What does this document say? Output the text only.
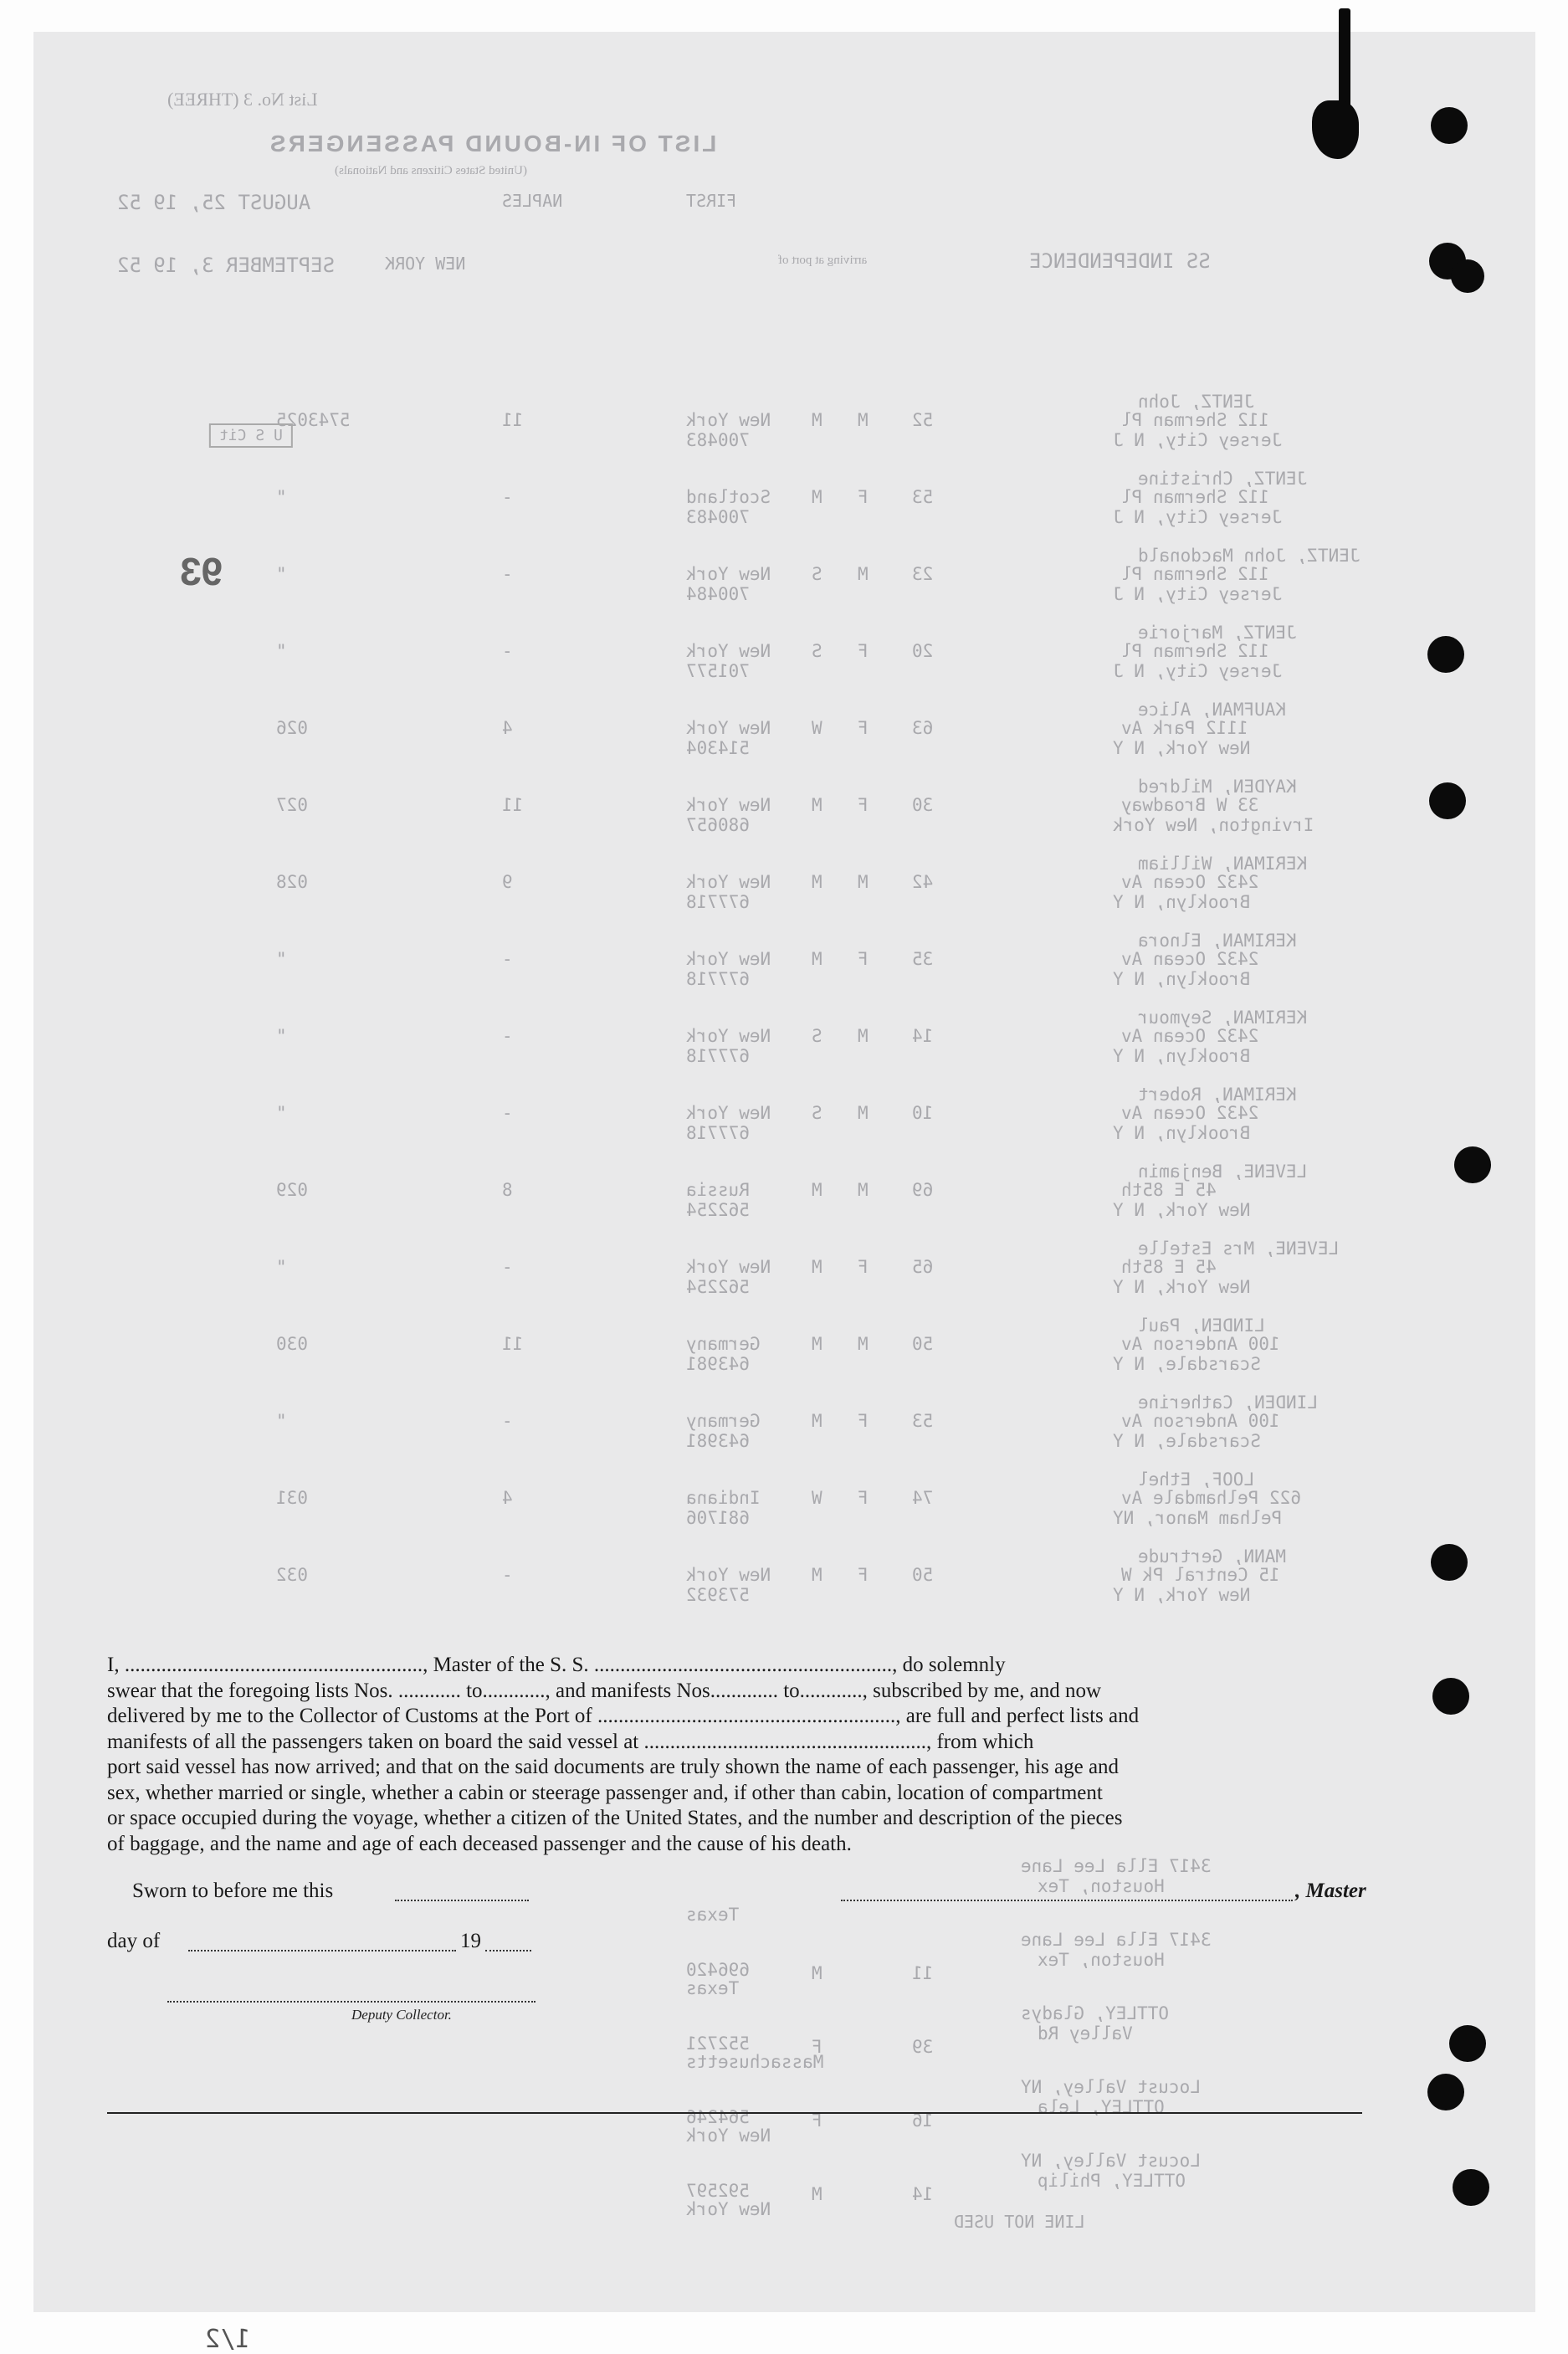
List No. 3 (THREE)
LIST OF IN-BOUND PASSENGERS
(United States Citizens and Nationals)
FIRST
NAPLES
AUGUST 25, 19 52
SS INDEPENDENCE
arriving at port of
NEW YORK
SEPTEMBER 3, 19 52
JENTZ, John
112 Sherman Pl
Jersey City, N J
52
M
M
New York
700483
11
5743025
JENTZ, Christine
112 Sherman Pl
Jersey City, N J
53
F
M
Scotland
700483
-
"
JENTZ, John Macdonald
112 Sherman Pl
Jersey City, N J
23
M
S
New York
700484
-
"
JENTZ, Marjorie
112 Sherman Pl
Jersey City, N J
20
F
S
New York
701577
-
"
KAUFMAN, Alice
1112 Park Av
New York, N Y
63
F
W
New York
514304
4
026
KAYDEN, Mildred
33 W Broadway
Irvington, New York
30
F
M
New York
680657
11
027
KERIMAN, William
2432 Ocean Av
Brooklyn, N Y
42
M
M
New York
677718
9
028
KERIMAN, Elnora
2432 Ocean Av
Brooklyn, N Y
35
F
M
New York
677718
-
"
KERIMAN, Seymour
2432 Ocean Av
Brooklyn, N Y
14
M
S
New York
677718
-
"
KERIMAN, Robert
2432 Ocean Av
Brooklyn, N Y
10
M
S
New York
677718
-
"
LEVENE, Benjamin
45 E 85th
New York, N Y
69
M
M
Russia
562254
8
029
LEVENE, Mrs Estelle
45 E 85th
New York, N Y
65
F
M
New York
562254
-
"
LINDEN, Paul
100 Anderson Av
Scarsdale, N Y
50
M
M
Germany
643981
11
030
LINDEN, Catherine
100 Anderson Av
Scarsdale, N Y
53
F
M
Germany
643981
-
"
LOOF, Ethel
622 Pelhamdale Av
Pelham Manor, NY
74
F
W
Indiana
681706
4
031
MANN, Gertrude
15 Central Pk W
New York, N Y
50
F
M
New York
573932
-
032
93
U S Cit
I, ........................................................., Master of the S. S. ........................................................., do solemnly
swear that the foregoing lists Nos. ............ to............, and manifests Nos............. to............, subscribed by me, and now
delivered by me to the Collector of Customs at the Port of ........................................................., are full and perfect lists and
manifests of all the passengers taken on board the said vessel at ......................................................, from which
port said vessel has now arrived; and that on the said documents are truly shown the name of each passenger, his age and
sex, whether married or single, whether a cabin or steerage passenger and, if other than cabin, location of compartment
or space occupied during the voyage, whether a citizen of the United States, and the number and description of the pieces
of baggage, and the name and age of each deceased passenger and the cause of his death.
3417 Ella Lee Lane
Houston, Tex
Texas
3417 Ella Lee Lane
Houston, Tex
11
M
Texas
696420
OTTLEY, Gladys
Valley Rd
39
F
Massachusetts
552721
Locust Valley, NY
OTTLEY, Lela
16
F
New York
564246
Locust Valley, NY
OTTLEY, Philip
14
M
New York
592597
Sworn to before me this	, Master
day of	19
Deputy Collector.
LINE NOT USED
1/2
